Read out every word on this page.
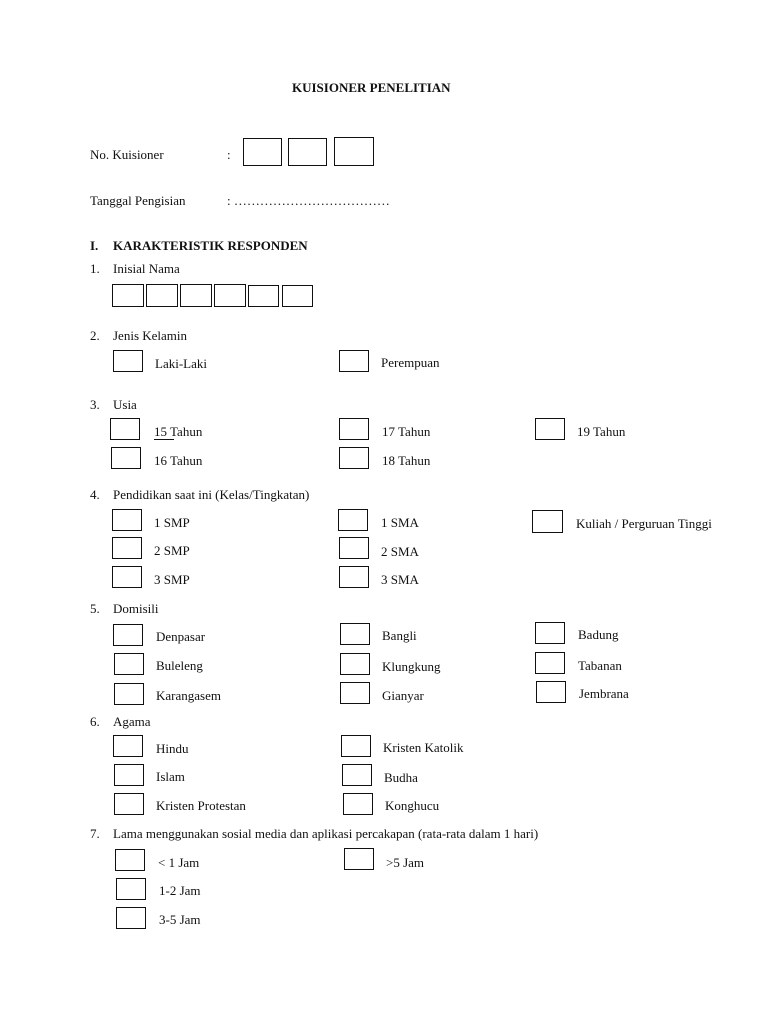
KUISIONER PENELITIAN
No. Kuisioner	:
Tanggal Pengisian	: ………………………………
I. KARAKTERISTIK RESPONDEN
1. Inisial Nama
2. Jenis Kelamin
Laki-Laki	Perempuan
3. Usia
15 Tahun	17 Tahun	19 Tahun
16 Tahun	18 Tahun
4. Pendidikan saat ini (Kelas/Tingkatan)
1 SMP	1 SMA	Kuliah / Perguruan Tinggi
2 SMP	2 SMA
3 SMP	3 SMA
5. Domisili
Denpasar	Bangli	Badung
Buleleng	Klungkung	Tabanan
Karangasem	Gianyar	Jembrana
6. Agama
Hindu	Kristen Katolik
Islam	Budha
Kristen Protestan	Konghucu
7. Lama menggunakan sosial media dan aplikasi percakapan (rata-rata dalam 1 hari)
< 1 Jam	>5 Jam
1-2 Jam
3-5 Jam
